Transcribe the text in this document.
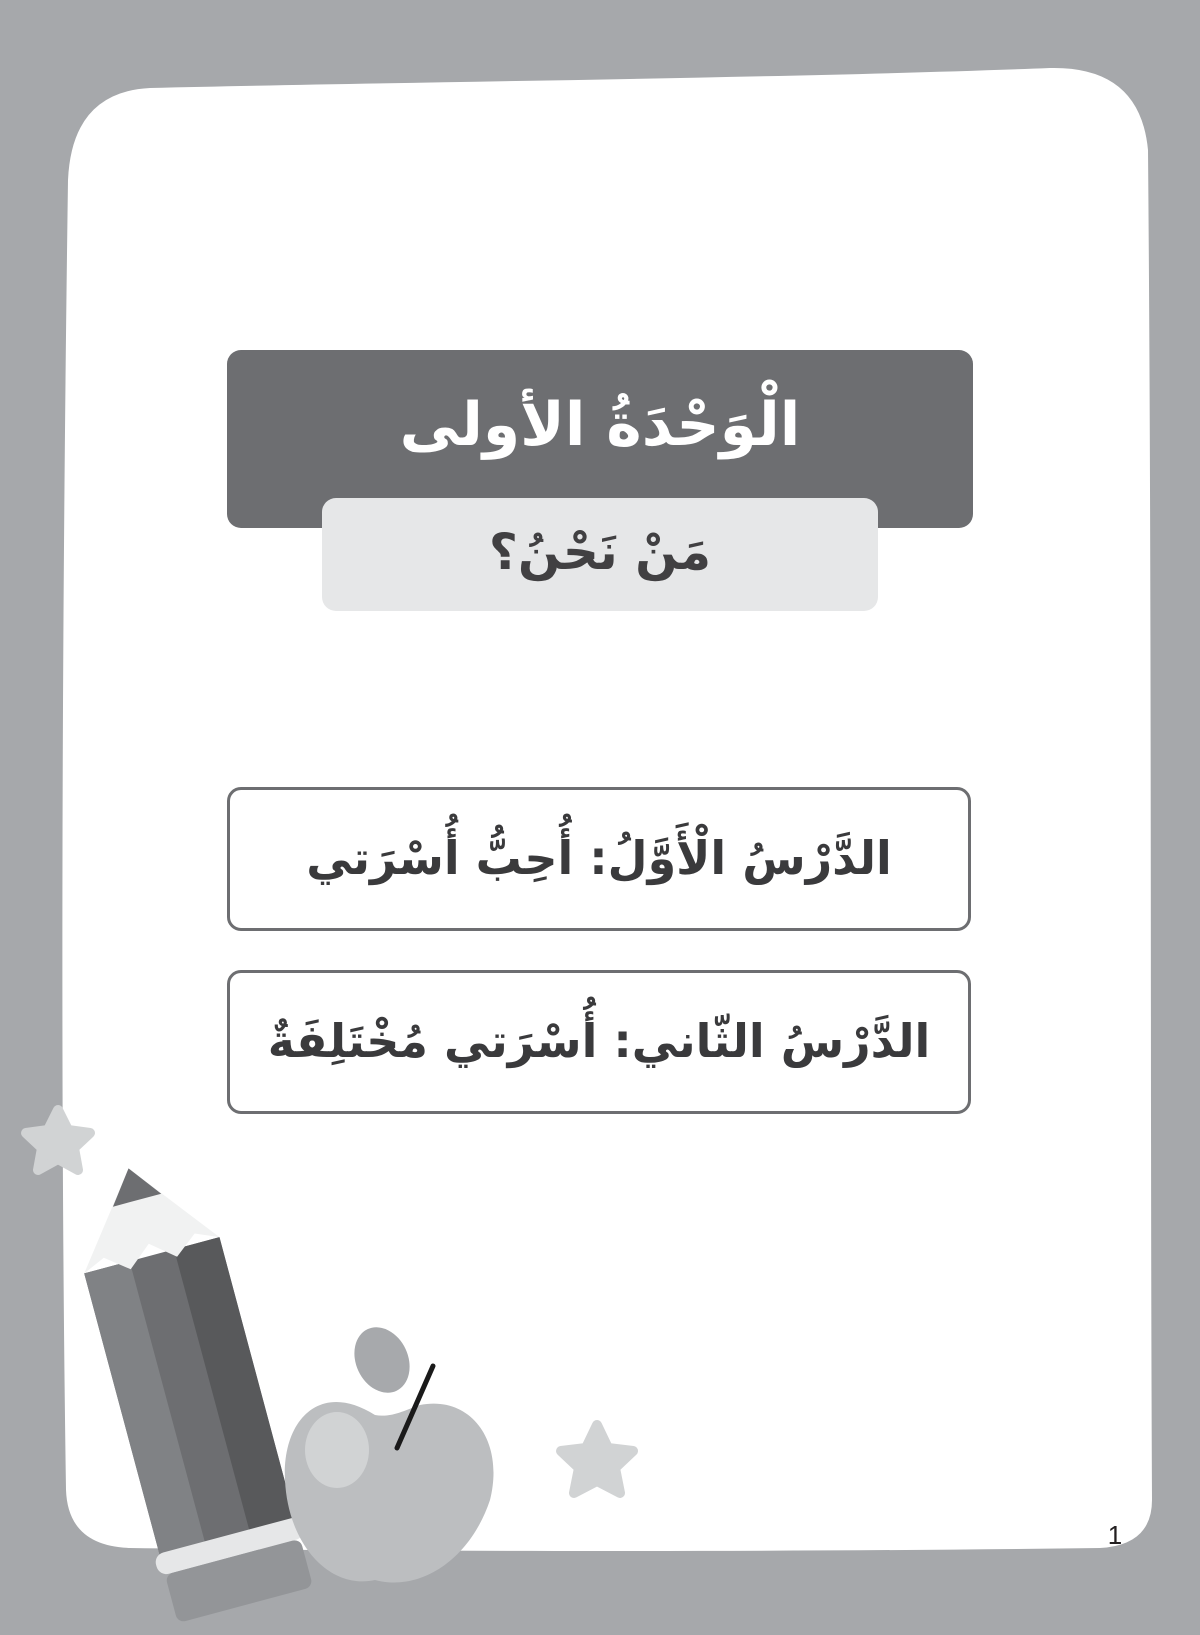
الْوَحْدَةُ الأولى
مَنْ نَحْنُ؟
الدَّرْسُ الْأَوَّلُ: أُحِبُّ أُسْرَتي
الدَّرْسُ الثّاني: أُسْرَتي مُخْتَلِفَةٌ
1
